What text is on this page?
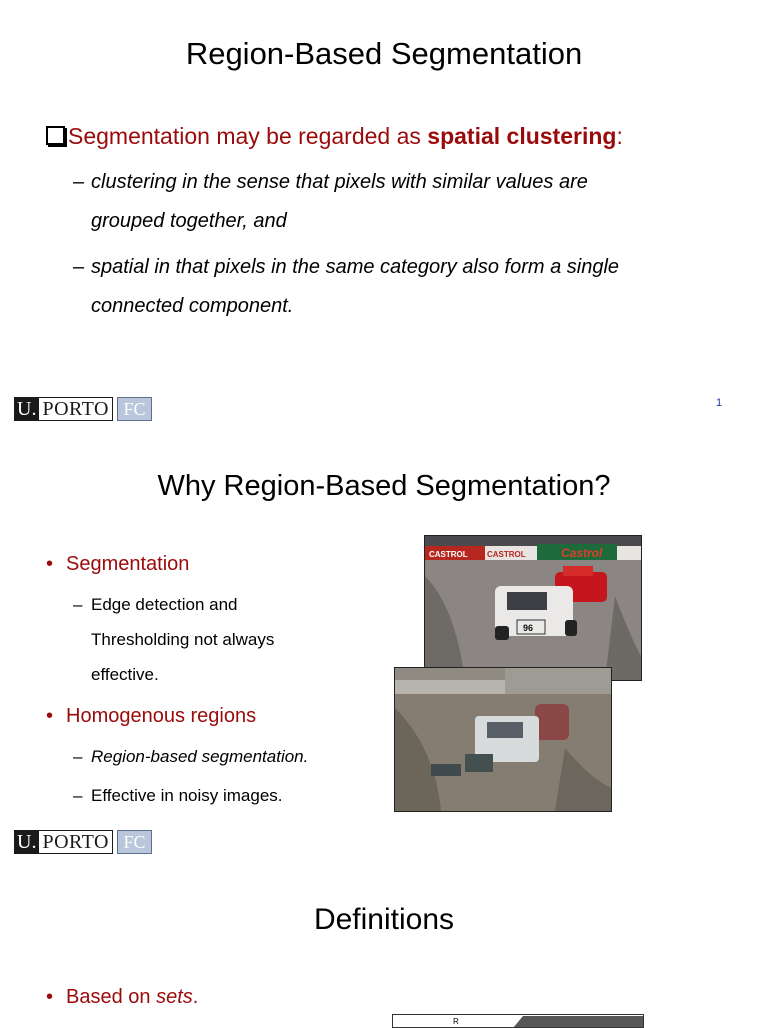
Region-Based Segmentation
Segmentation may be regarded as spatial clustering:
– clustering in the sense that pixels with similar values are
grouped together, and
– spatial in that pixels in the same category also form a single
connected component.
U. PORTO FC	1
Why Region-Based Segmentation?
• Segmentation
– Edge detection and
Thresholding not always
effective.
• Homogenous regions
– Region-based segmentation.
– Effective in noisy images.
CASTROL CASTROL	Castrol
96
U. PORTO FC
Definitions
• Based on sets.
R
